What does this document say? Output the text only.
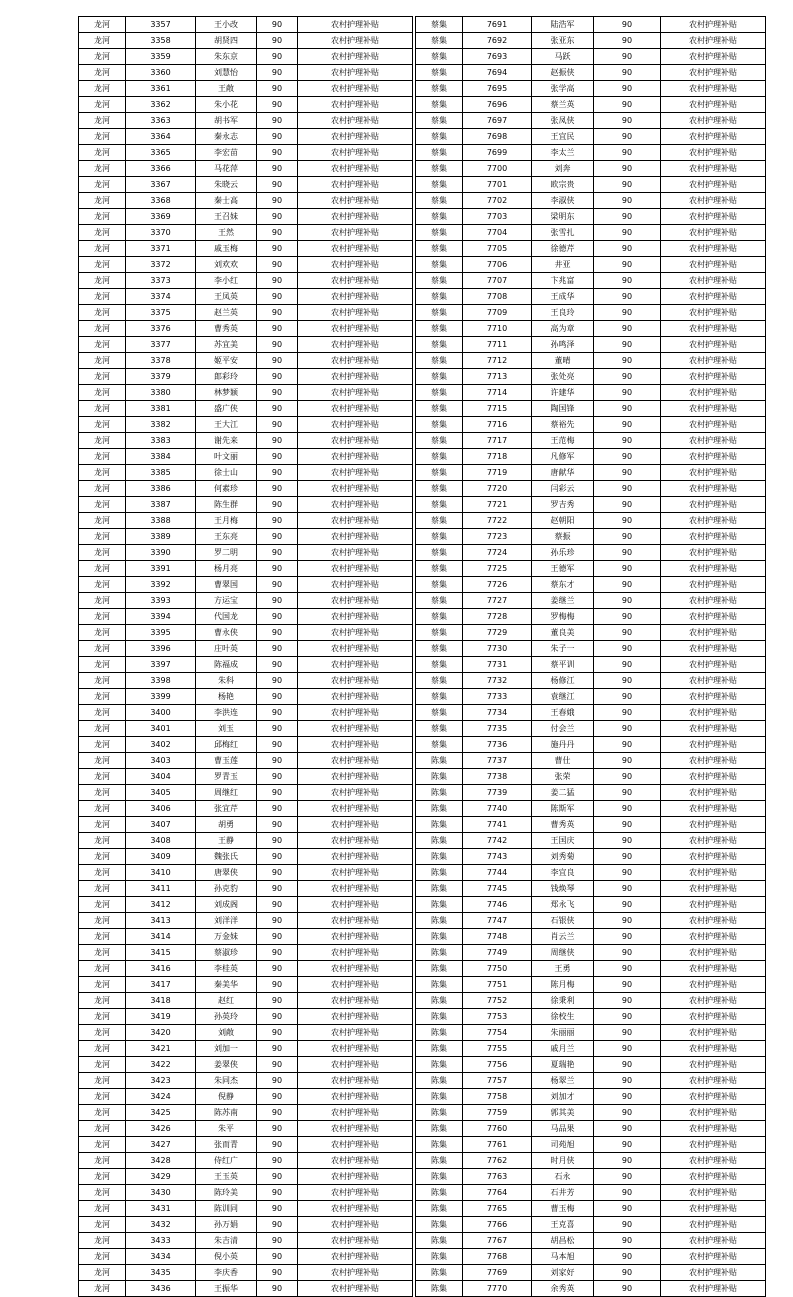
龙河	3357	王小改	90	农村护理补贴
龙河	3358	胡贤四	90	农村护理补贴
龙河	3359	朱东京	90	农村护理补贴
龙河	3360	刘慧怡	90	农村护理补贴
龙河	3361	王敞	90	农村护理补贴
龙河	3362	朱小花	90	农村护理补贴
龙河	3363	胡书军	90	农村护理补贴
龙河	3364	秦永志	90	农村护理补贴
龙河	3365	李宏苗	90	农村护理补贴
龙河	3366	马花萍	90	农村护理补贴
龙河	3367	朱晓云	90	农村护理补贴
龙河	3368	秦士高	90	农村护理补贴
龙河	3369	王召妹	90	农村护理补贴
龙河	3370	王然	90	农村护理补贴
龙河	3371	戚玉梅	90	农村护理补贴
龙河	3372	刘欢欢	90	农村护理补贴
龙河	3373	李小红	90	农村护理补贴
龙河	3374	王凤英	90	农村护理补贴
龙河	3375	赵兰英	90	农村护理补贴
龙河	3376	曹秀英	90	农村护理补贴
龙河	3377	苏宜美	90	农村护理补贴
龙河	3378	姬平安	90	农村护理补贴
龙河	3379	郎彩玲	90	农村护理补贴
龙河	3380	林梦颖	90	农村护理补贴
龙河	3381	盛广侠	90	农村护理补贴
龙河	3382	王大江	90	农村护理补贴
龙河	3383	谢先来	90	农村护理补贴
龙河	3384	叶文丽	90	农村护理补贴
龙河	3385	徐士山	90	农村护理补贴
龙河	3386	何素珍	90	农村护理补贴
龙河	3387	陈生群	90	农村护理补贴
龙河	3388	王月梅	90	农村护理补贴
龙河	3389	王东亮	90	农村护理补贴
龙河	3390	罗二明	90	农村护理补贴
龙河	3391	杨月亮	90	农村护理补贴
龙河	3392	曹翠国	90	农村护理补贴
龙河	3393	方运宝	90	农村护理补贴
龙河	3394	代国龙	90	农村护理补贴
龙河	3395	曹永侠	90	农村护理补贴
龙河	3396	庄叶英	90	农村护理补贴
龙河	3397	陈福成	90	农村护理补贴
龙河	3398	朱科	90	农村护理补贴
龙河	3399	杨艳	90	农村护理补贴
龙河	3400	李洪连	90	农村护理补贴
龙河	3401	刘玉	90	农村护理补贴
龙河	3402	邱梅红	90	农村护理补贴
龙河	3403	曹玉莲	90	农村护理补贴
龙河	3404	罗青玉	90	农村护理补贴
龙河	3405	周继红	90	农村护理补贴
龙河	3406	张宜芹	90	农村护理补贴
龙河	3407	胡勇	90	农村护理补贴
龙河	3408	王静	90	农村护理补贴
龙河	3409	魏张氏	90	农村护理补贴
龙河	3410	唐翠侠	90	农村护理补贴
龙河	3411	孙克豹	90	农村护理补贴
龙河	3412	刘成阁	90	农村护理补贴
龙河	3413	刘洋洋	90	农村护理补贴
龙河	3414	万金妹	90	农村护理补贴
龙河	3415	蔡淑珍	90	农村护理补贴
龙河	3416	李桂英	90	农村护理补贴
龙河	3417	秦美华	90	农村护理补贴
龙河	3418	赵红	90	农村护理补贴
龙河	3419	孙英玲	90	农村护理补贴
龙河	3420	刘敞	90	农村护理补贴
龙河	3421	刘加一	90	农村护理补贴
龙河	3422	姜翠侠	90	农村护理补贴
龙河	3423	朱同杰	90	农村护理补贴
龙河	3424	倪静	90	农村护理补贴
龙河	3425	陈苏南	90	农村护理补贴
龙河	3426	朱平	90	农村护理补贴
龙河	3427	张而青	90	农村护理补贴
龙河	3428	侍红广	90	农村护理补贴
龙河	3429	王玉英	90	农村护理补贴
龙河	3430	陈玲美	90	农村护理补贴
龙河	3431	陈训同	90	农村护理补贴
龙河	3432	孙万娟	90	农村护理补贴
龙河	3433	朱吉清	90	农村护理补贴
龙河	3434	倪小英	90	农村护理补贴
龙河	3435	李庆香	90	农村护理补贴
龙河	3436	王振华	90	农村护理补贴
蔡集	7691	陆浩军	90	农村护理补贴
蔡集	7692	张亚东	90	农村护理补贴
蔡集	7693	马跃	90	农村护理补贴
蔡集	7694	赵振侠	90	农村护理补贴
蔡集	7695	张学高	90	农村护理补贴
蔡集	7696	蔡兰英	90	农村护理补贴
蔡集	7697	张凤侠	90	农村护理补贴
蔡集	7698	王宜民	90	农村护理补贴
蔡集	7699	李太兰	90	农村护理补贴
蔡集	7700	刘奔	90	农村护理补贴
蔡集	7701	欧宗贵	90	农村护理补贴
蔡集	7702	李淑侠	90	农村护理补贴
蔡集	7703	梁明东	90	农村护理补贴
蔡集	7704	张雪扎	90	农村护理补贴
蔡集	7705	徐德芹	90	农村护理补贴
蔡集	7706	井亚	90	农村护理补贴
蔡集	7707	卞兆富	90	农村护理补贴
蔡集	7708	王成华	90	农村护理补贴
蔡集	7709	王良玲	90	农村护理补贴
蔡集	7710	高为章	90	农村护理补贴
蔡集	7711	孙鸣泽	90	农村护理补贴
蔡集	7712	董晴	90	农村护理补贴
蔡集	7713	张处亮	90	农村护理补贴
蔡集	7714	许建华	90	农村护理补贴
蔡集	7715	陶国锋	90	农村护理补贴
蔡集	7716	蔡裕先	90	农村护理补贴
蔡集	7717	王范梅	90	农村护理补贴
蔡集	7718	凡修军	90	农村护理补贴
蔡集	7719	唐献华	90	农村护理补贴
蔡集	7720	闫彩云	90	农村护理补贴
蔡集	7721	罗吉秀	90	农村护理补贴
蔡集	7722	赵朝阳	90	农村护理补贴
蔡集	7723	蔡振	90	农村护理补贴
蔡集	7724	孙乐珍	90	农村护理补贴
蔡集	7725	王德军	90	农村护理补贴
蔡集	7726	蔡东才	90	农村护理补贴
蔡集	7727	姜继兰	90	农村护理补贴
蔡集	7728	罗梅梅	90	农村护理补贴
蔡集	7729	董良美	90	农村护理补贴
蔡集	7730	朱子一	90	农村护理补贴
蔡集	7731	蔡平训	90	农村护理补贴
蔡集	7732	杨修江	90	农村护理补贴
蔡集	7733	袁继江	90	农村护理补贴
蔡集	7734	王春娥	90	农村护理补贴
蔡集	7735	付会兰	90	农村护理补贴
蔡集	7736	施丹丹	90	农村护理补贴
陈集	7737	曹仕	90	农村护理补贴
陈集	7738	张荣	90	农村护理补贴
陈集	7739	姜二猛	90	农村护理补贴
陈集	7740	陈斯军	90	农村护理补贴
陈集	7741	曹秀英	90	农村护理补贴
陈集	7742	王国庆	90	农村护理补贴
陈集	7743	刘秀菊	90	农村护理补贴
陈集	7744	李宜良	90	农村护理补贴
陈集	7745	钱焕琴	90	农村护理补贴
陈集	7746	郑永飞	90	农村护理补贴
陈集	7747	石银侠	90	农村护理补贴
陈集	7748	肖云兰	90	农村护理补贴
陈集	7749	周继侠	90	农村护理补贴
陈集	7750	王勇	90	农村护理补贴
陈集	7751	陈月梅	90	农村护理补贴
陈集	7752	徐秉利	90	农村护理补贴
陈集	7753	徐校生	90	农村护理补贴
陈集	7754	朱丽丽	90	农村护理补贴
陈集	7755	戚月兰	90	农村护理补贴
陈集	7756	夏瑞艳	90	农村护理补贴
陈集	7757	杨翠兰	90	农村护理补贴
陈集	7758	刘加才	90	农村护理补贴
陈集	7759	郭其美	90	农村护理补贴
陈集	7760	马品果	90	农村护理补贴
陈集	7761	司苑旭	90	农村护理补贴
陈集	7762	时月侠	90	农村护理补贴
陈集	7763	石永	90	农村护理补贴
陈集	7764	石井芳	90	农村护理补贴
陈集	7765	曹玉梅	90	农村护理补贴
陈集	7766	王克喜	90	农村护理补贴
陈集	7767	胡昌松	90	农村护理补贴
陈集	7768	马本旭	90	农村护理补贴
陈集	7769	刘家好	90	农村护理补贴
陈集	7770	余秀英	90	农村护理补贴
